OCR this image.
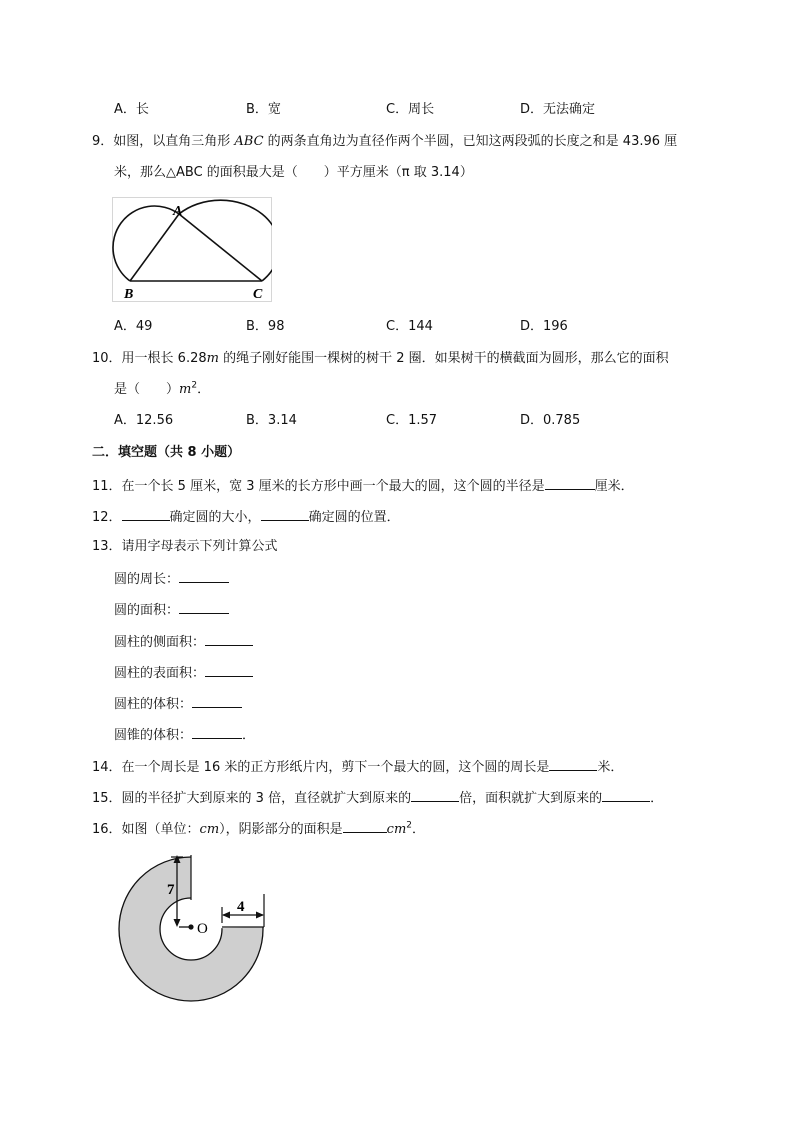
A．长	B．宽	C．周长	D．无法确定
9．如图，以直角三角形 ABC 的两条直角边为直径作两个半圆，已知这两段弧的长度之和是 43.96 厘
米，那么△ABC 的面积最大是（　　）平方厘米（π 取 3.14）
A
B	C
A．49	B．98	C．144	D．196
10．用一根长 6.28m 的绳子刚好能围一棵树的树干 2 圈．如果树干的横截面为圆形，那么它的面积
是（　　）$m^2$．
A．12.56	B．3.14	C．1.57	D．0.785
二．填空题（共 8 小题）
11．在一个长 5 厘米，宽 3 厘米的长方形中画一个最大的圆，这个圆的半径是	厘米．
12．	确定圆的大小，	确定圆的位置．
13．请用字母表示下列计算公式
圆的周长：
圆的面积：
圆柱的侧面积：
圆柱的表面积：
圆柱的体积：
圆锥的体积：	．
14．在一个周长是 16 米的正方形纸片内，剪下一个最大的圆，这个圆的周长是	米．
15．圆的半径扩大到原来的 3 倍，直径就扩大到原来的	倍，面积就扩大到原来的	．
16．如图（单位：cm），阴影部分的面积是	$cm^2$．
7
4
O
